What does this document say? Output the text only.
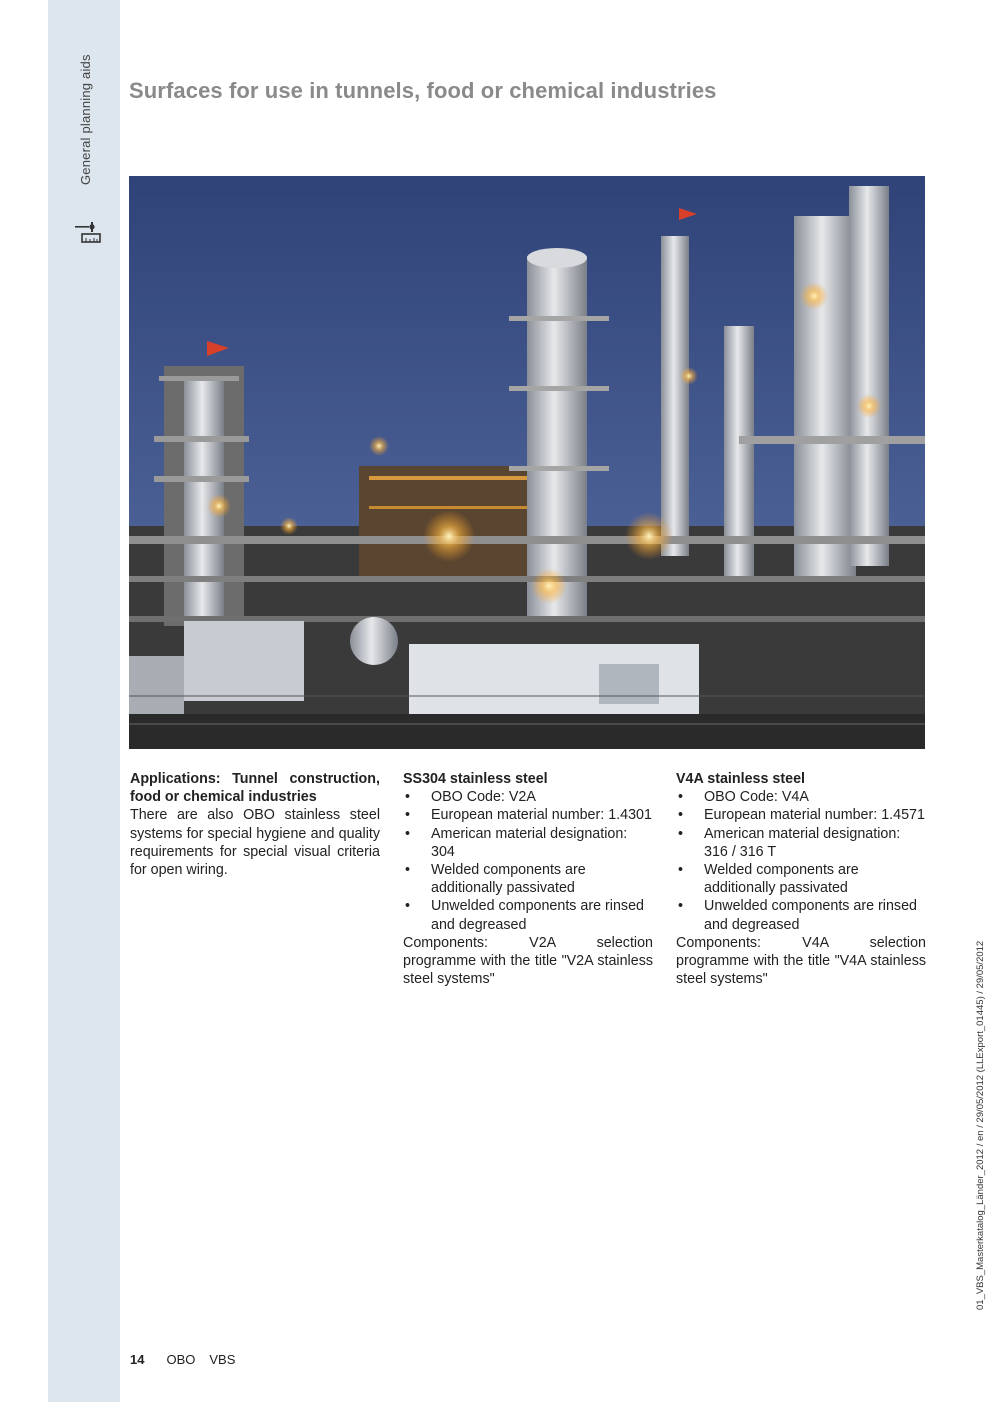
General planning aids Surfaces for use in tunnels, food or chemical industries
Applications: Tunnel construction, food or chemical industries

There are also OBO stainless steel systems for special hygiene and quality requirements for special visual criteria for open wiring.

SS304 stainless steel
• OBO Code: V2A
• European material number: 1.4301
• American material designation: 304
• Welded components are additionally passivated
• Unwelded components are rinsed and degreased

Components: V2A selection programme with the title "V2A stainless steel systems"

V4A stainless steel
• OBO Code: V4A
• European material number: 1.4571
• American material designation: 316 / 316 T
• Welded components are additionally passivated
• Unwelded components are rinsed and degreased

Components: V4A selection programme with the title "V4A stainless steel systems"	01_VBS_Masterkatalog_Länder_2012 / en / 29/05/2012 (LLExport_01445) / 29/05/2012
14 OBO VBS
